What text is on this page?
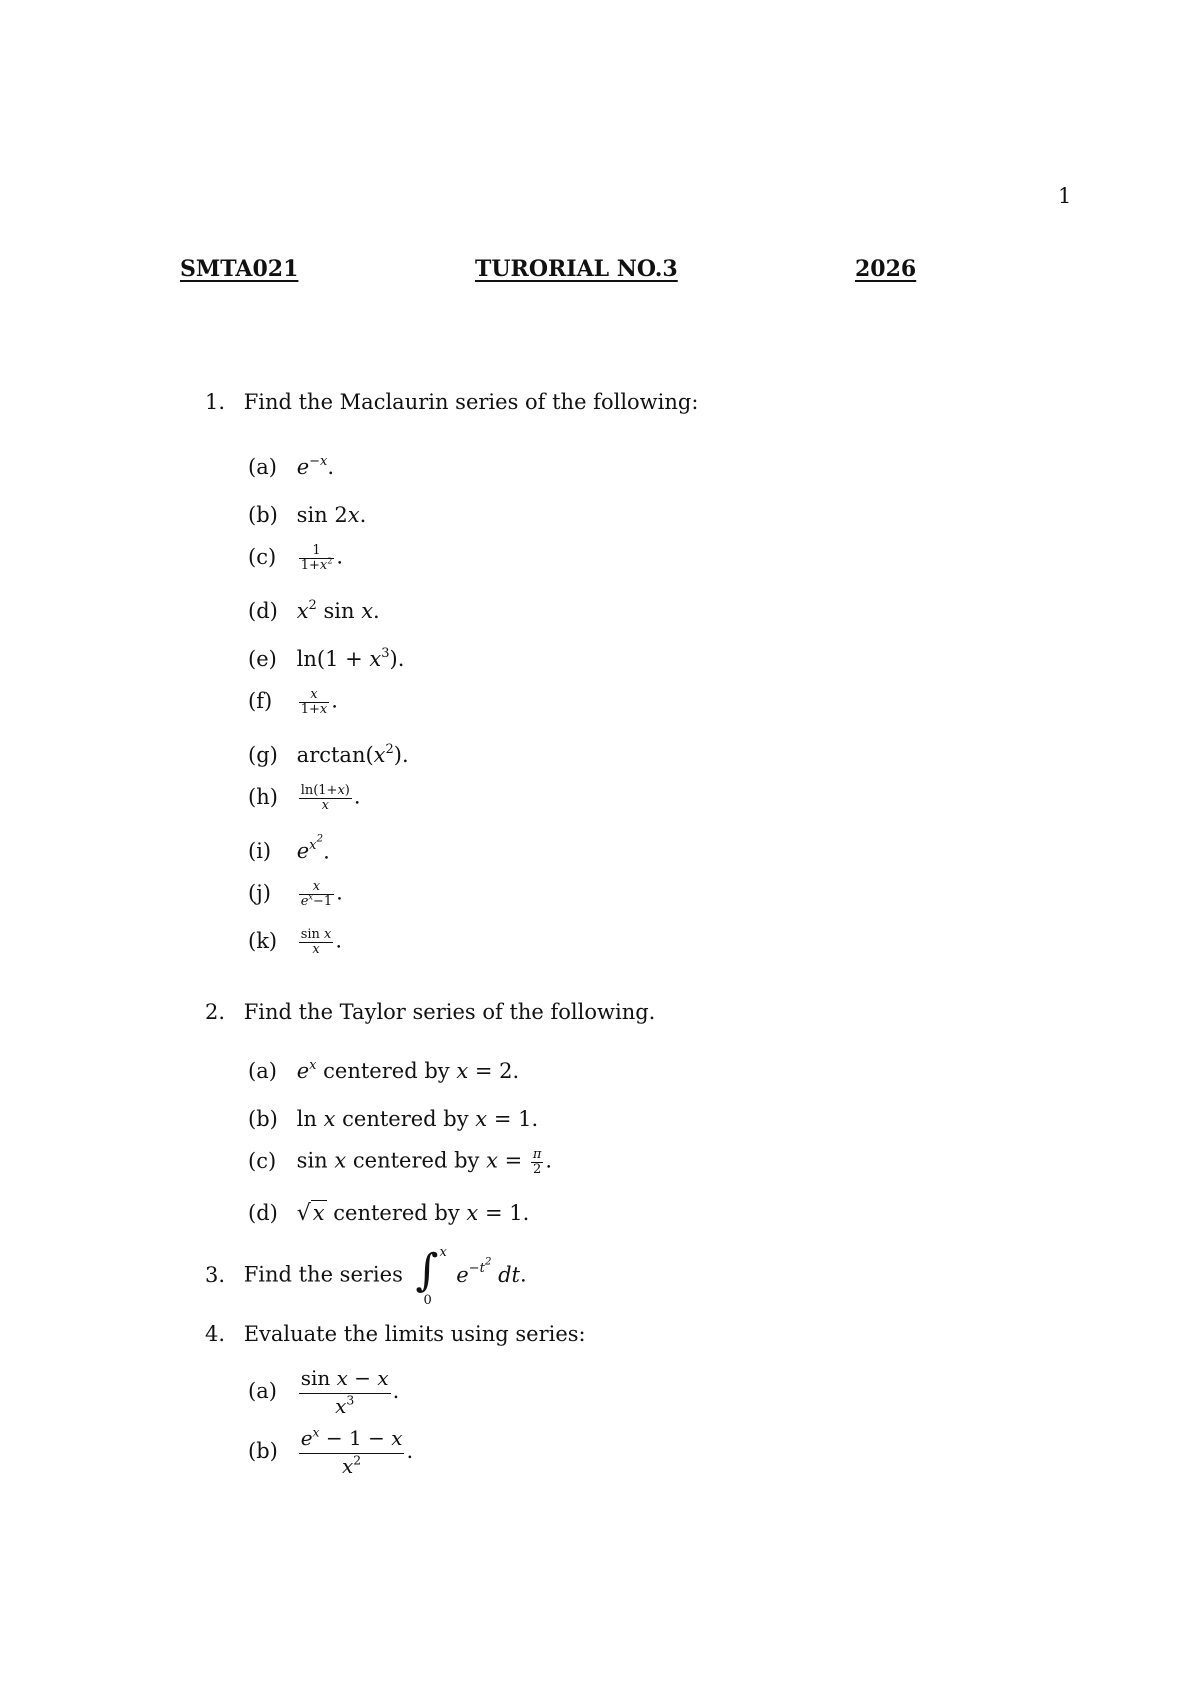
1
SMTA021	TURORIAL NO.3	2026
1. Find the Maclaurin series of the following:
(a) $e^{-x}$.
(b) sin 2x.
$(c) \frac{1}{1+x^2}$ .
(d) $x^2$ sin x.
(e) $\ln(1 + x^3)$.
$(f) \frac{x}{1+x}$ .
(g) $\arctan(x^2)$.
$(h) \frac{\ln(1+x)}{x}$ .
(i) $e^{x^2}$.
$(j) \frac{x}{e^x-1}$ .
$(k) \frac{\text{sin x}}{x}$ .
2. Find the Taylor series of the following.
(a) $e^x$ centered by x = 2.
(b) ln x centered by x = 1.
(c) sin x centered by $x = \frac{\pi}{2}$ .
(d) √x centered by x = 1.
3. Find the series ∫ x
0
$e^{-t^2}$ dt.
4. Evaluate the limits using series:
$(a) \frac{\text{sin x − x}}{x^3}$ .
$(b) \frac{e^x - 1 - x}{x^2}$ .
